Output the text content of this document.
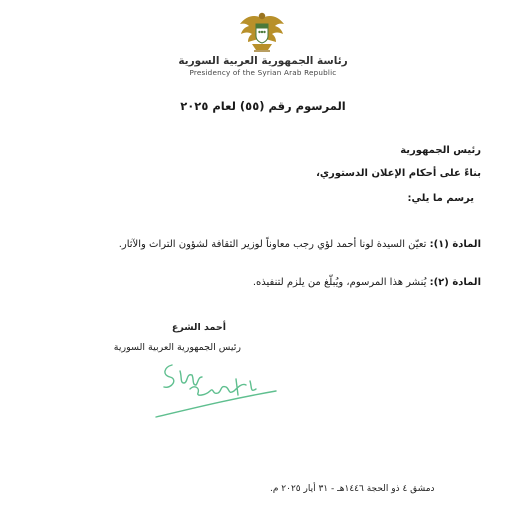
رئاسة الجمهورية العربية السورية
Presidency of the Syrian Arab Republic
المرسوم رقم (٥٥) لعام ٢٠٢٥
رئيس الجمهورية
بناءً على أحكام الإعلان الدستوري،
يرسم ما يلي:
المادة (١): تعيّن السيدة لونا أحمد لؤي رجب معاوناً لوزير الثقافة لشؤون التراث والآثار.
المادة (٢): يُنشر هذا المرسوم، ويُبلّغ من يلزم لتنفيذه.
أحمد الشرع
رئيس الجمهورية العربية السورية
دمشق ٤ ذو الحجة ١٤٤٦هـ - ٣١ أيار ٢٠٢٥ م.
